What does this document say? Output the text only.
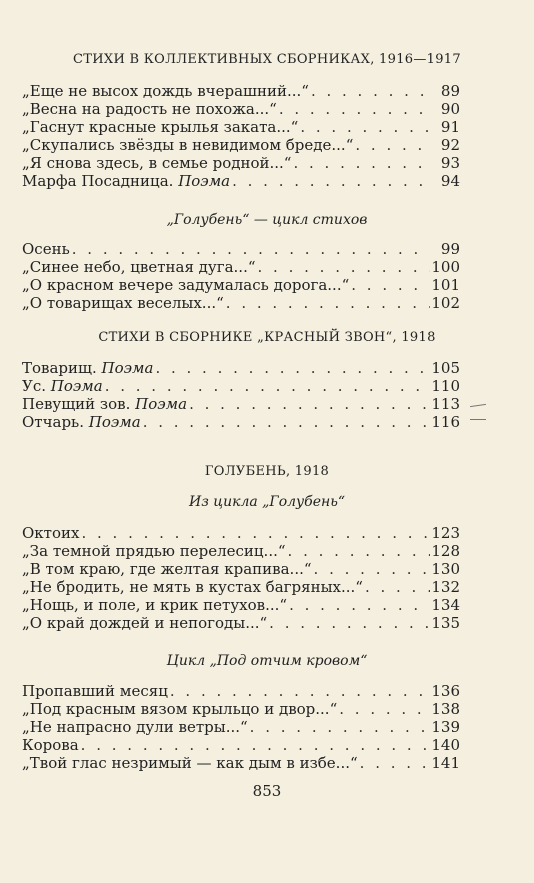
СТИХИ В КОЛЛЕКТИВНЫХ СБОРНИКАХ, 1916—1917
„Еще не высох дождь вчерашний...“ . . .	89
„Весна на радость не похожа...“ . . .	90
„Гаснут красные крылья заката...“ . . .	91
„Скупались звёзды в невидимом бреде...“ . . .	92
„Я снова здесь, в семье родной...“ . . .	93
Марфа Посадница. Поэма . . .	94
„Голубень“ — цикл стихов
Осень . . .	99
„Синее небо, цветная дуга...“ . . .	100
„О красном вечере задумалась дорога...“ . . .	101
„О товарищах веселых...“ . . .	102
СТИХИ В СБОРНИКЕ „КРАСНЫЙ ЗВОН“, 1918
Товарищ. Поэма . . .	105
Ус. Поэма . . .	110
Певущий зов. Поэма . . .	113
Отчарь. Поэма . . .	116
ГОЛУБЕНЬ, 1918
Из цикла „Голубень“
Октоих . . .	123
„За темной прядью перелесиц...“ . . .	128
„В том краю, где желтая крапива...“ . . .	130
„Не бродить, не мять в кустах багряных...“ . . .	132
„Нощь, и поле, и крик петухов...“ . . .	134
„О край дождей и непогоды...“ . . .	135
Цикл „Под отчим кровом“
Пропавший месяц . . .	136
„Под красным вязом крыльцо и двор...“ . . .	138
„Не напрасно дули ветры...“ . . .	139
Корова . . .	140
„Твой глас незримый — как дым в избе...“ . . .	141
853
